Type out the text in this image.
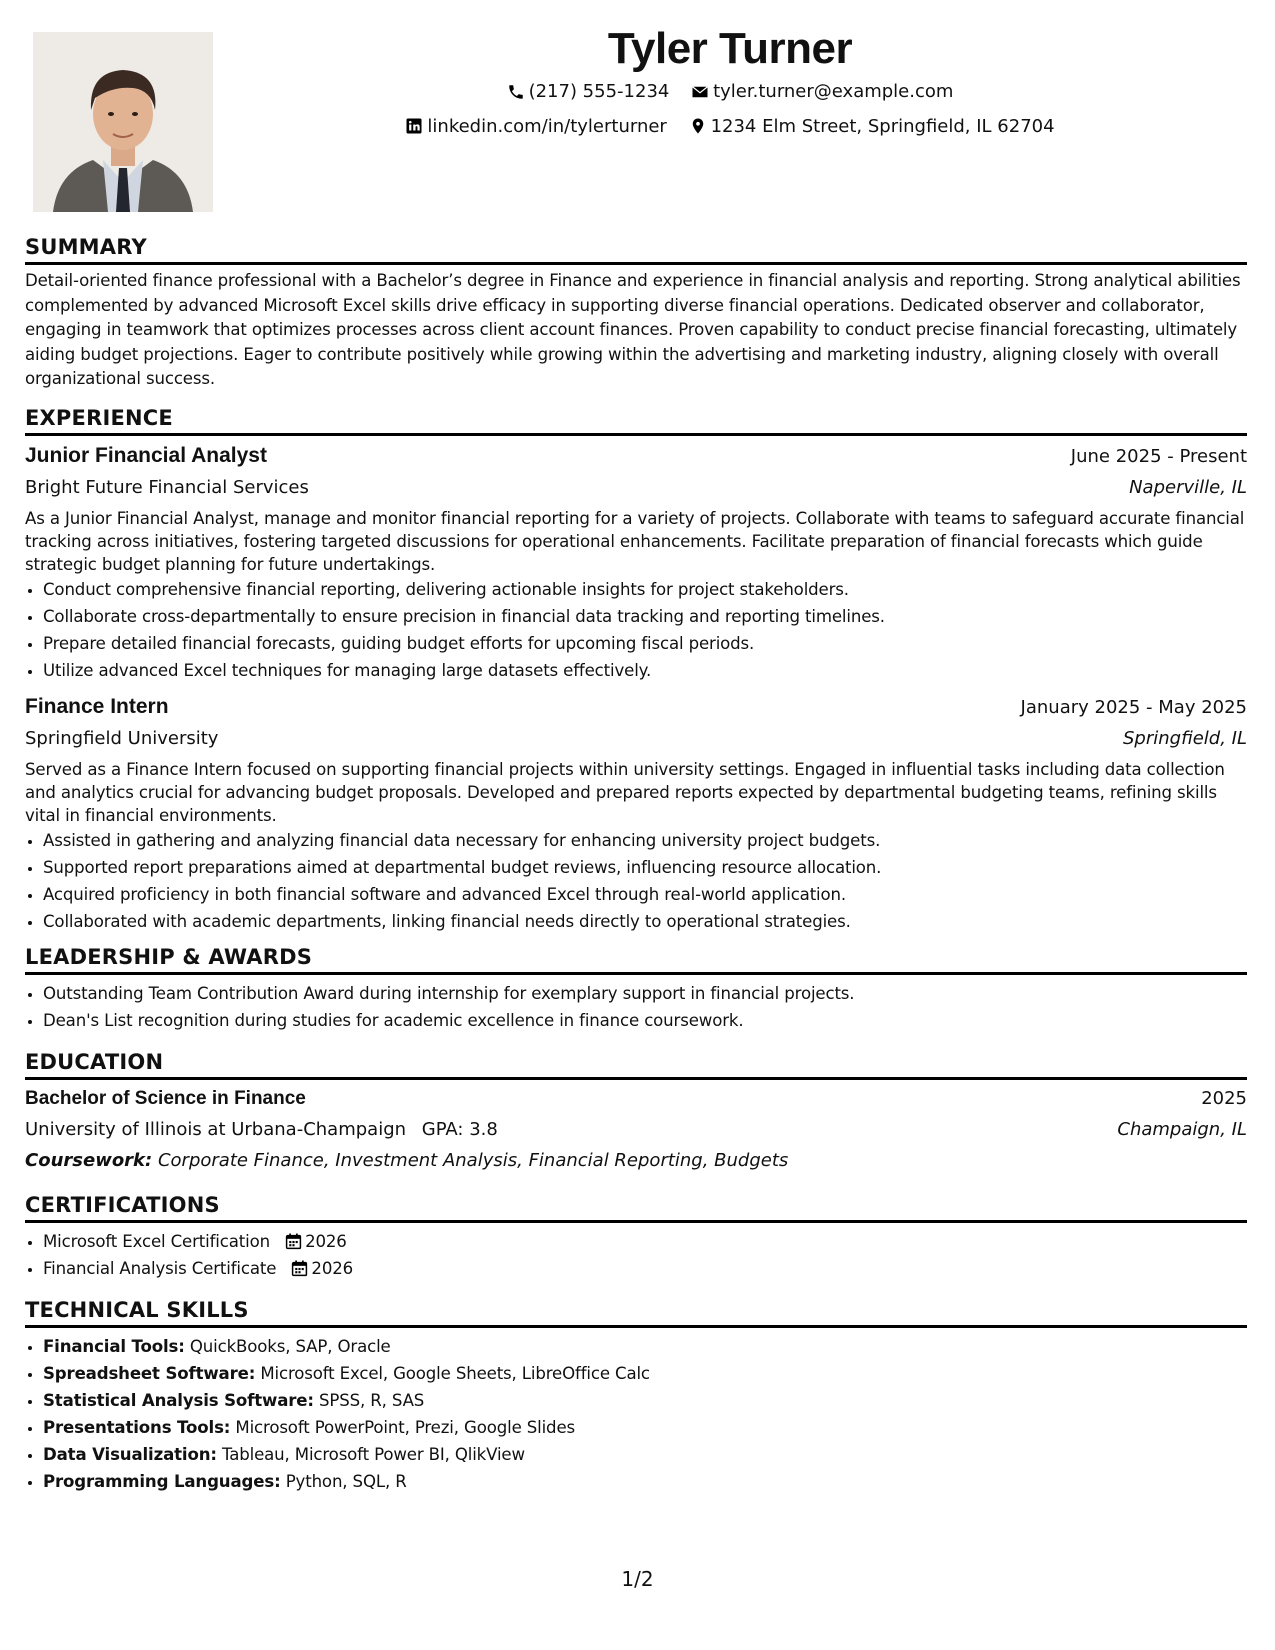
Tyler Turner
(217) 555-1234
tyler.turner@example.com
linkedin.com/in/tylerturner
1234 Elm Street, Springfield, IL 62704
SUMMARY

Detail-oriented finance professional with a Bachelor’s degree in Finance and experience in financial analysis and reporting. Strong analytical abilities complemented by advanced Microsoft Excel skills drive efficacy in supporting diverse financial operations. Dedicated observer and collaborator, engaging in teamwork that optimizes processes across client account finances. Proven capability to conduct precise financial forecasting, ultimately aiding budget projections. Eager to contribute positively while growing within the advertising and marketing industry, aligning closely with overall organizational success.

EXPERIENCE
Junior Financial Analyst	June 2025 - Present
Bright Future Financial Services	Naperville, IL

As a Junior Financial Analyst, manage and monitor financial reporting for a variety of projects. Collaborate with teams to safeguard accurate financial tracking across initiatives, fostering targeted discussions for operational enhancements. Facilitate preparation of financial forecasts which guide strategic budget planning for future undertakings.

• Conduct comprehensive financial reporting, delivering actionable insights for project stakeholders.
• Collaborate cross-departmentally to ensure precision in financial data tracking and reporting timelines.
• Prepare detailed financial forecasts, guiding budget efforts for upcoming fiscal periods.
• Utilize advanced Excel techniques for managing large datasets effectively.
Finance Intern	January 2025 - May 2025
Springfield University	Springfield, IL

Served as a Finance Intern focused on supporting financial projects within university settings. Engaged in influential tasks including data collection and analytics crucial for advancing budget proposals. Developed and prepared reports expected by departmental budgeting teams, refining skills vital in financial environments.

• Assisted in gathering and analyzing financial data necessary for enhancing university project budgets.
• Supported report preparations aimed at departmental budget reviews, influencing resource allocation.
• Acquired proficiency in both financial software and advanced Excel through real-world application.
• Collaborated with academic departments, linking financial needs directly to operational strategies.
LEADERSHIP & AWARDS
• Outstanding Team Contribution Award during internship for exemplary support in financial projects.
• Dean's List recognition during studies for academic excellence in finance coursework.
EDUCATION
Bachelor of Science in Finance	2025
University of Illinois at Urbana-Champaign GPA: 3.8	Champaign, IL
Coursework: Corporate Finance, Investment Analysis, Financial Reporting, Budgets
CERTIFICATIONS
• Microsoft Excel Certification 2026
• Financial Analysis Certificate 2026
TECHNICAL SKILLS
• Financial Tools: QuickBooks, SAP, Oracle
• Spreadsheet Software: Microsoft Excel, Google Sheets, LibreOffice Calc
• Statistical Analysis Software: SPSS, R, SAS
• Presentations Tools: Microsoft PowerPoint, Prezi, Google Slides
• Data Visualization: Tableau, Microsoft Power BI, QlikView
• Programming Languages: Python, SQL, R
1/2
